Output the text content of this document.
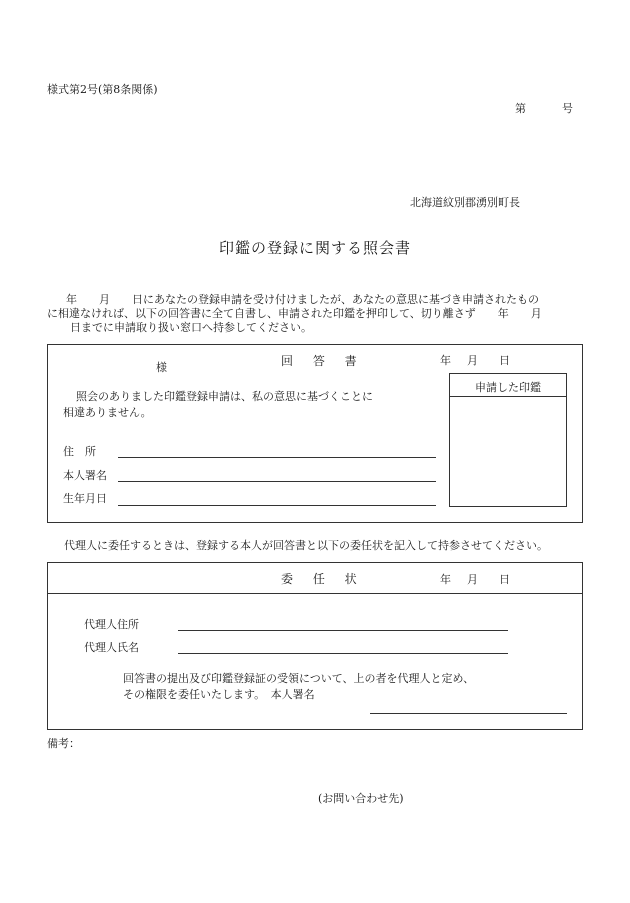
様式第2号(第8条関係)
第	号
北海道紋別郡湧別町長
印鑑の登録に関する照会書
年　　月　　日にあなたの登録申請を受け付けましたが、あなたの意思に基づき申請されたもの
に相違なければ、以下の回答書に全て自書し、申請された印鑑を押印して、切り離さず　　年　　月
日までに申請取り扱い窓口へ持参してください。
様	回 答 書	年 月 日
照会のありました印鑑登録申請は、私の意思に基づくことに
相違ありません。
住　所
本人署名
生年月日
申請した印鑑
代理人に委任するときは、登録する本人が回答書と以下の委任状を記入して持参させてください。
委 任 状	年 月 日
代理人住所
代理人氏名
回答書の提出及び印鑑登録証の受領について、上の者を代理人と定め、
その権限を委任いたします。　本人署名
備考：
(お問い合わせ先)
